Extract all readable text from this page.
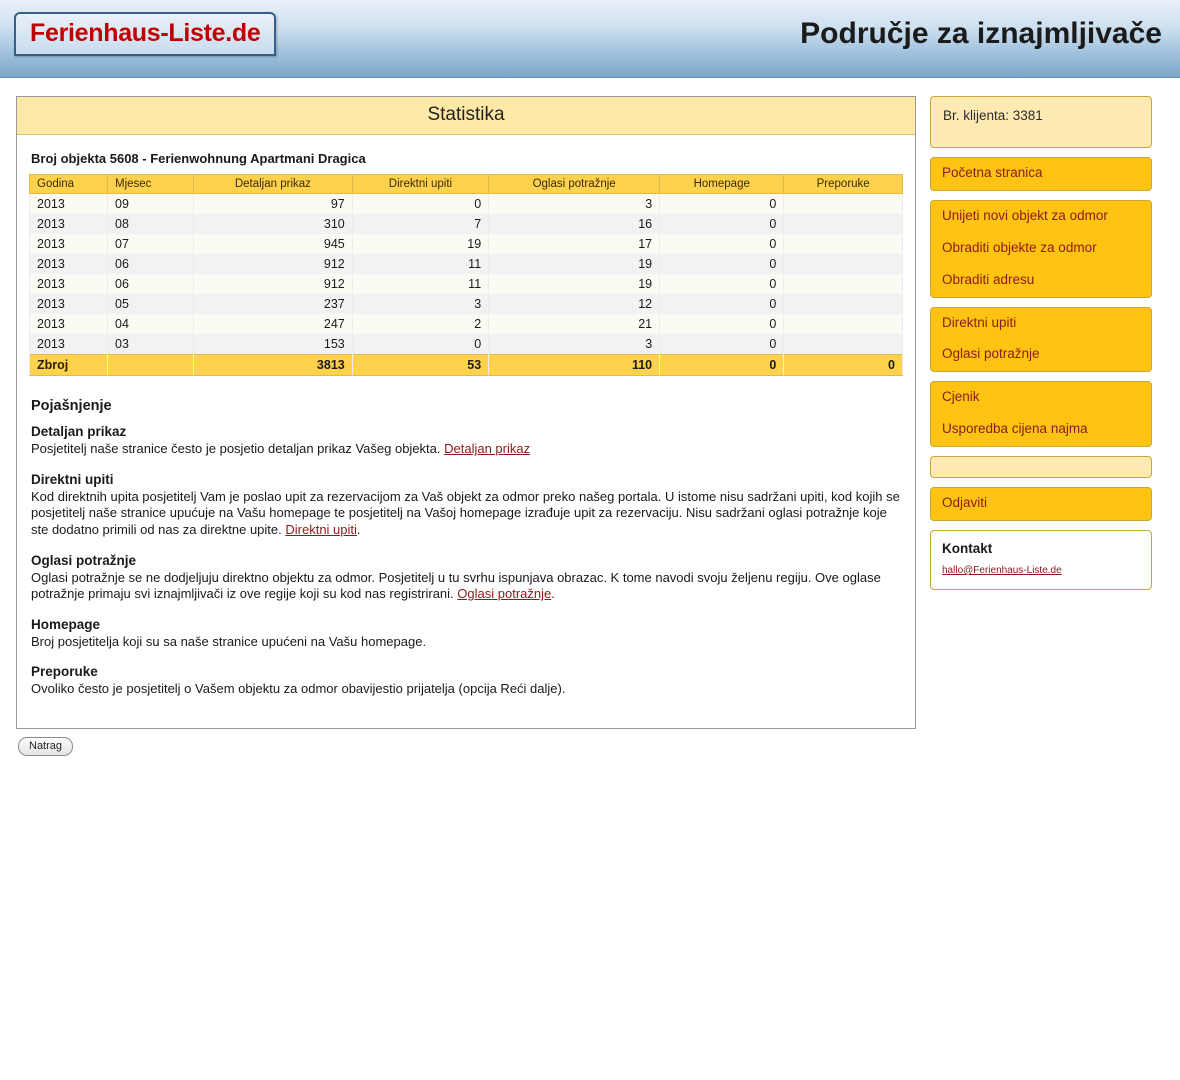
Ferienhaus-Liste.de	Područje za iznajmljivače
Statistika
Broj objekta 5608 - Ferienwohnung Apartmani Dragica
Godina	Mjesec	Detaljan prikaz	Direktni upiti	Oglasi potražnje	Homepage	Preporuke
2013	09	97	0	3	0	
2013	08	310	7	16	0	
2013	07	945	19	17	0	
2013	06	912	11	19	0	
2013	06	912	11	19	0	
2013	05	237	3	12	0	
2013	04	247	2	21	0	
2013	03	153	0	3	0	
Zbroj		3813	53	110	0	0
Pojašnjenje
Detaljan prikaz

Posjetitelj naše stranice često je posjetio detaljan prikaz Vašeg objekta. Detaljan prikaz

Direktni upiti

Kod direktnih upita posjetitelj Vam je poslao upit za rezervacijom za Vaš objekt za odmor preko našeg portala. U istome nisu sadržani upiti, kod kojih se posjetitelj naše stranice upućuje na Vašu homepage te posjetitelj na Vašoj homepage izrađuje upit za rezervaciju. Nisu sadržani oglasi potražnje koje ste dodatno primili od nas za direktne upite. Direktni upiti.

Oglasi potražnje

Oglasi potražnje se ne dodjeljuju direktno objektu za odmor. Posjetitelj u tu svrhu ispunjava obrazac. K tome navodi svoju željenu regiju. Ove oglase potražnje primaju svi iznajmljivači iz ove regije koji su kod nas registrirani. Oglasi potražnje.

Homepage

Broj posjetitelja koji su sa naše stranice upućeni na Vašu homepage.

Preporuke

Ovoliko često je posjetitelj o Vašem objektu za odmor obavijestio prijatelja (opcija Reći dalje).

Br. klijenta: 3381
Početna stranica
Unijeti novi objekt za odmor
Obraditi objekte za odmor
Obraditi adresu
Direktni upiti
Oglasi potražnje
Cjenik
Usporedba cijena najma
Odjaviti
Kontakt
hallo@Ferienhaus-Liste.de
Natrag
